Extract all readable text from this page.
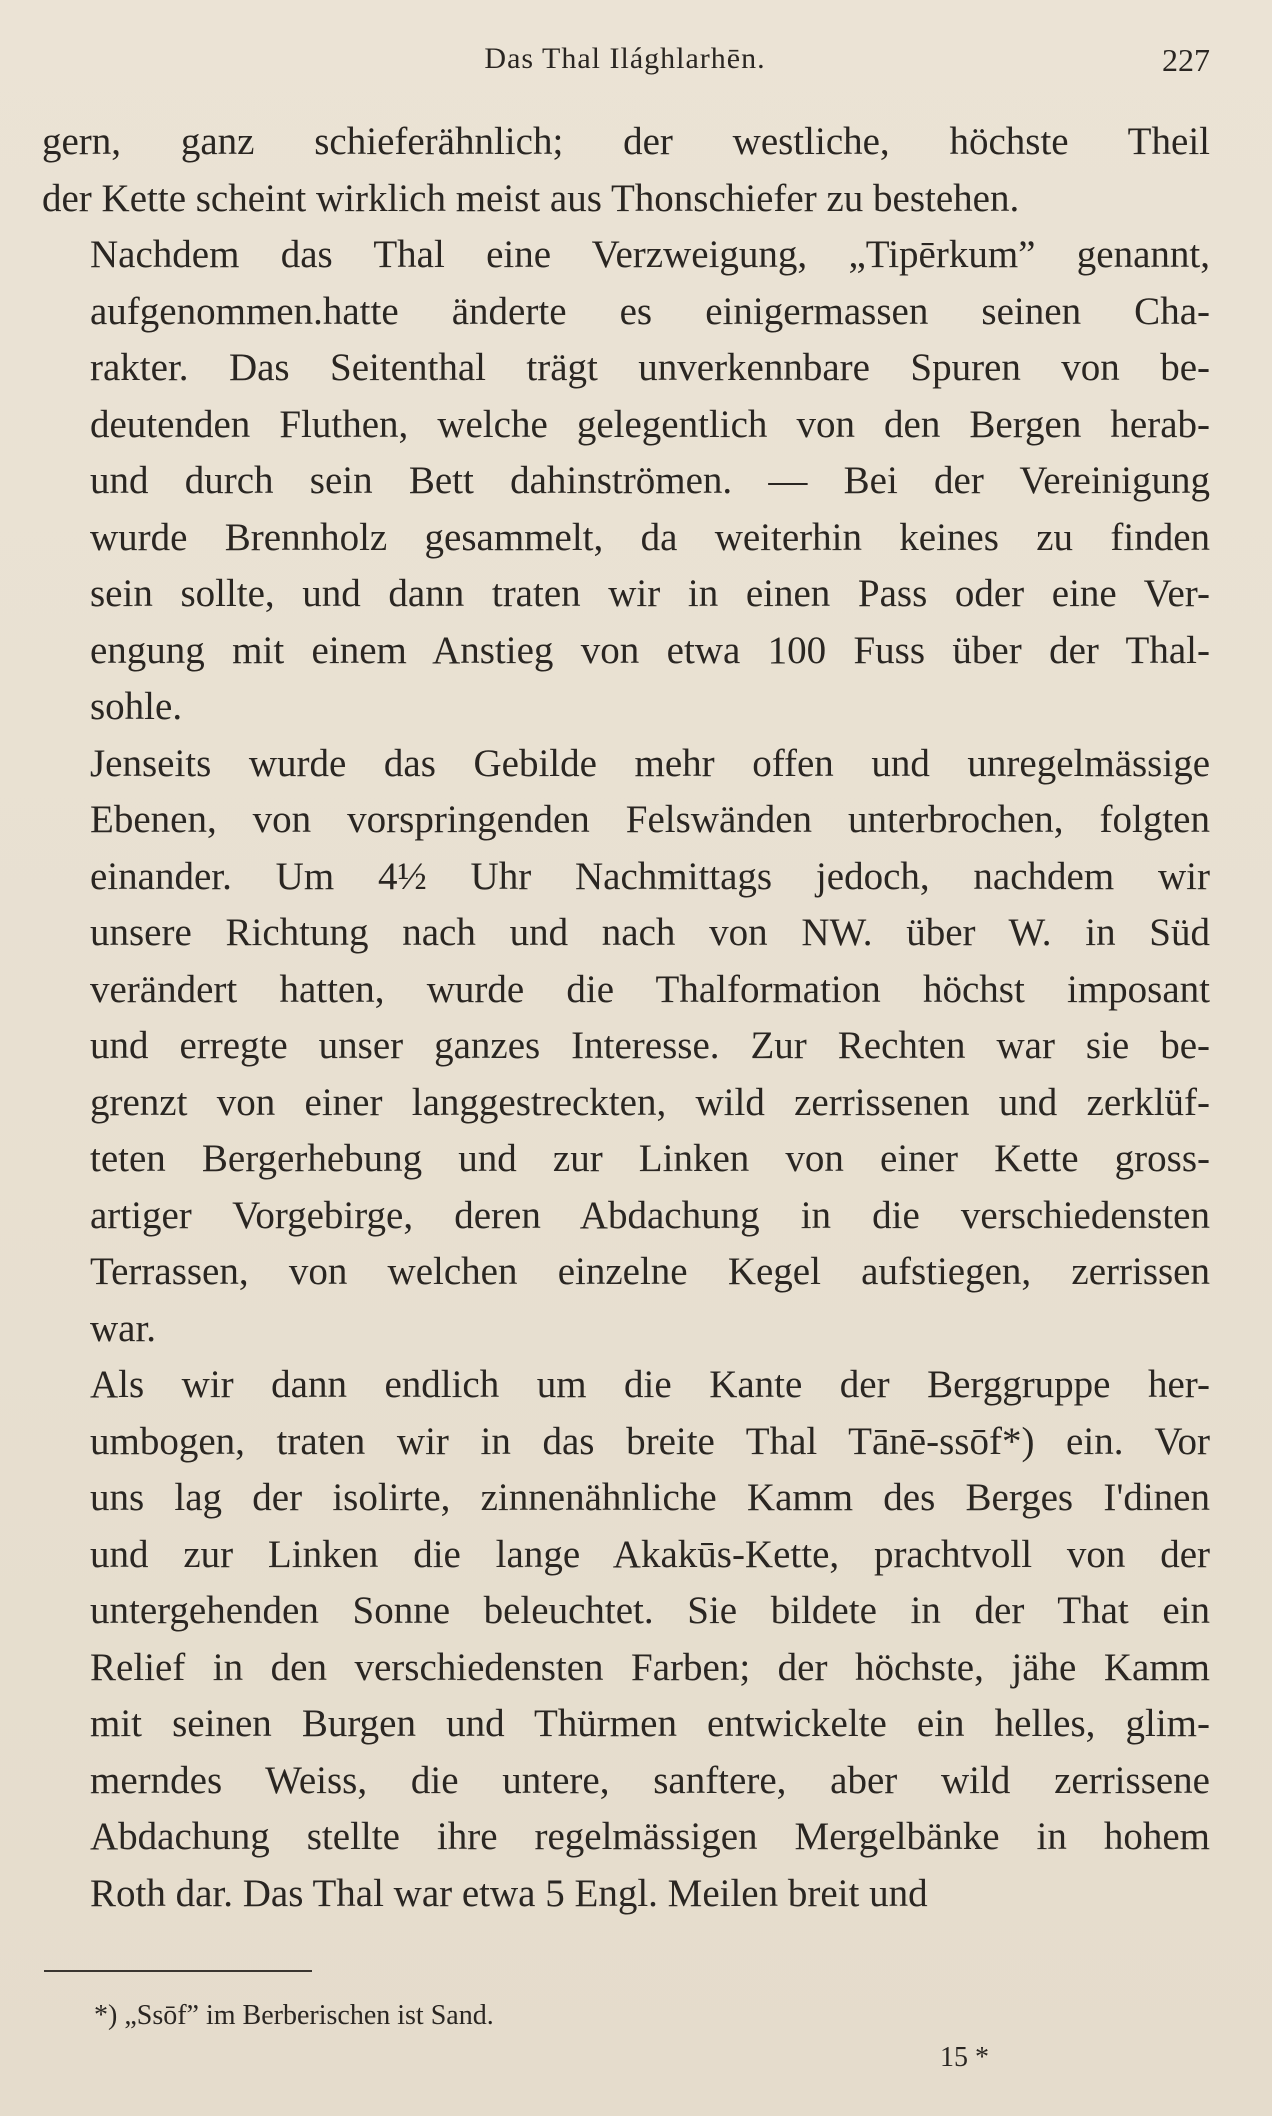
Das Thal Ilághlarhēn.	227
gern, ganz schieferähnlich; der westliche, höchste Theil
der Kette scheint wirklich meist aus Thonschiefer zu bestehen.
Nachdem das Thal eine Verzweigung, „Tipērkum” genannt,
aufgenommen.hatte änderte es einigermassen seinen Cha-
rakter. Das Seitenthal trägt unverkennbare Spuren von be-
deutenden Fluthen, welche gelegentlich von den Bergen herab-
und durch sein Bett dahinströmen. — Bei der Vereinigung
wurde Brennholz gesammelt, da weiterhin keines zu finden
sein sollte, und dann traten wir in einen Pass oder eine Ver-
engung mit einem Anstieg von etwa 100 Fuss über der Thal-
sohle.
Jenseits wurde das Gebilde mehr offen und unregelmässige
Ebenen, von vorspringenden Felswänden unterbrochen, folgten
einander. Um 4½ Uhr Nachmittags jedoch, nachdem wir
unsere Richtung nach und nach von NW. über W. in Süd
verändert hatten, wurde die Thalformation höchst imposant
und erregte unser ganzes Interesse. Zur Rechten war sie be-
grenzt von einer langgestreckten, wild zerrissenen und zerklüf-
teten Bergerhebung und zur Linken von einer Kette gross-
artiger Vorgebirge, deren Abdachung in die verschiedensten
Terrassen, von welchen einzelne Kegel aufstiegen, zerrissen
war.
Als wir dann endlich um die Kante der Berggruppe her-
umbogen, traten wir in das breite Thal Tānē-ssōf*) ein. Vor
uns lag der isolirte, zinnenähnliche Kamm des Berges I'dinen
und zur Linken die lange Akakūs-Kette, prachtvoll von der
untergehenden Sonne beleuchtet. Sie bildete in der That ein
Relief in den verschiedensten Farben; der höchste, jähe Kamm
mit seinen Burgen und Thürmen entwickelte ein helles, glim-
merndes Weiss, die untere, sanftere, aber wild zerrissene
Abdachung stellte ihre regelmässigen Mergelbänke in hohem
Roth dar. Das Thal war etwa 5 Engl. Meilen breit und
*) „Ssōf” im Berberischen ist Sand.
15 *
